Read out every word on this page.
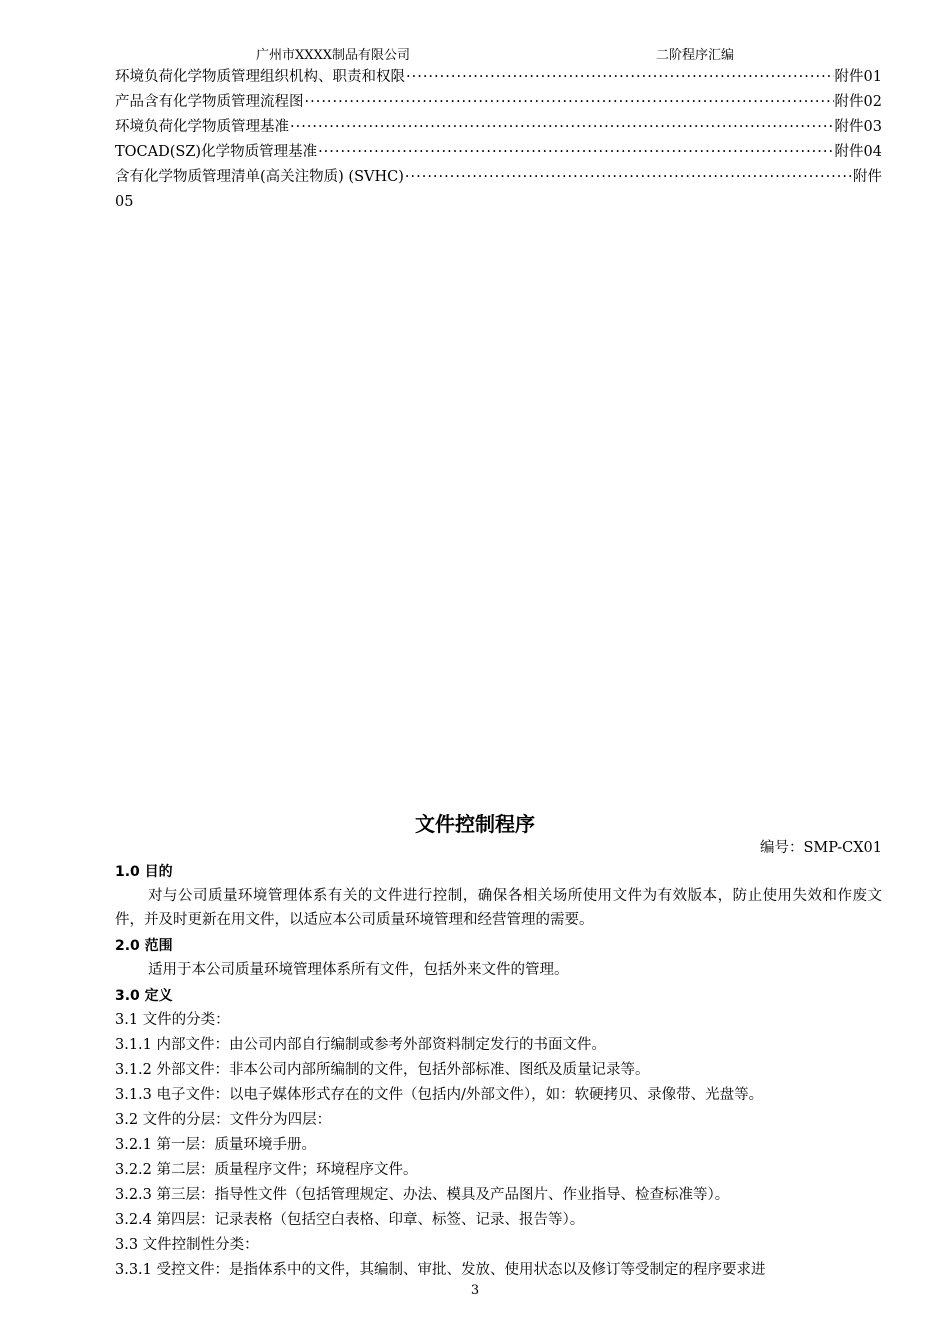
广州市XXXX制品有限公司	二阶程序汇编
环境负荷化学物质管理组织机构、职责和权限 ·····	附件01
产品含有化学物质管理流程图 ·····	附件02
环境负荷化学物质管理基准 ·····	附件03
TOCAD(SZ)化学物质管理基准 ·····	附件04
含有化学物质管理清单(高关注物质) (SVHC) ·····	附件
05
文件控制程序
编号：SMP-CX01
1.0 目的
对与公司质量环境管理体系有关的文件进行控制，确保各相关场所使用文件为有效版本，防止使用失效和作废文件，并及时更新在用文件，以适应本公司质量环境管理和经营管理的需要。
2.0 范围
适用于本公司质量环境管理体系所有文件，包括外来文件的管理。
3.0 定义
3.1 文件的分类：
3.1.1 内部文件：由公司内部自行编制或参考外部资料制定发行的书面文件。
3.1.2 外部文件：非本公司内部所编制的文件，包括外部标准、图纸及质量记录等。
3.1.3 电子文件：以电子媒体形式存在的文件（包括内/外部文件），如：软硬拷贝、录像带、光盘等。
3.2 文件的分层：文件分为四层：
3.2.1 第一层：质量环境手册。
3.2.2 第二层：质量程序文件；环境程序文件。
3.2.3 第三层：指导性文件（包括管理规定、办法、模具及产品图片、作业指导、检查标准等）。
3.2.4 第四层：记录表格（包括空白表格、印章、标签、记录、报告等）。
3.3 文件控制性分类：
3.3.1 受控文件：是指体系中的文件，其编制、审批、发放、使用状态以及修订等受制定的程序要求进
3
